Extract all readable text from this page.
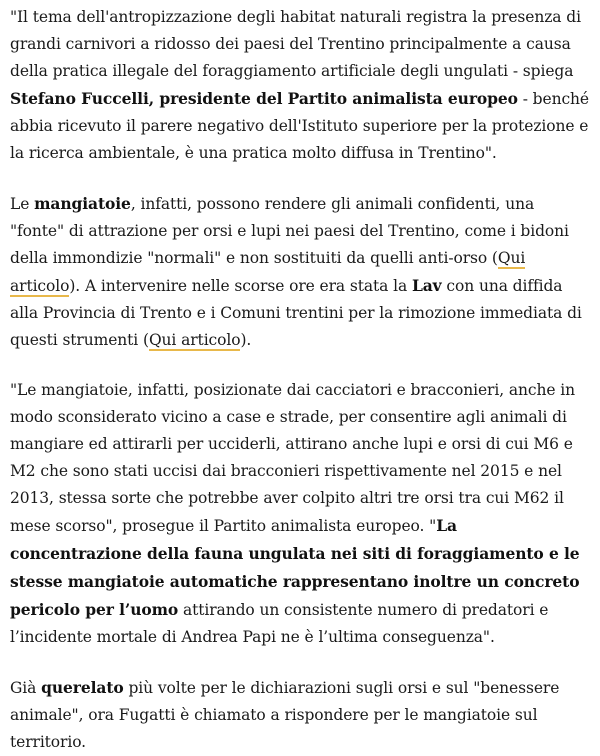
"Il tema dell'antropizzazione degli habitat naturali registra la presenza di grandi carnivori a ridosso dei paesi del Trentino principalmente a causa della pratica illegale del foraggiamento artificiale degli ungulati - spiega Stefano Fuccelli, presidente del Partito animalista europeo - benché abbia ricevuto il parere negativo dell'Istituto superiore per la protezione e la ricerca ambientale, è una pratica molto diffusa in Trentino".

Le mangiatoie, infatti, possono rendere gli animali confidenti, una "fonte" di attrazione per orsi e lupi nei paesi del Trentino, come i bidoni della immondizie "normali" e non sostituiti da quelli anti-orso (Qui articolo). A intervenire nelle scorse ore era stata la Lav con una diffida alla Provincia di Trento e i Comuni trentini per la rimozione immediata di questi strumenti (Qui articolo).

"Le mangiatoie, infatti, posizionate dai cacciatori e bracconieri, anche in modo sconsiderato vicino a case e strade, per consentire agli animali di mangiare ed attirarli per ucciderli, attirano anche lupi e orsi di cui M6 e M2 che sono stati uccisi dai bracconieri rispettivamente nel 2015 e nel 2013, stessa sorte che potrebbe aver colpito altri tre orsi tra cui M62 il mese scorso", prosegue il Partito animalista europeo. "La concentrazione della fauna ungulata nei siti di foraggiamento e le stesse mangiatoie automatiche rappresentano inoltre un concreto pericolo per l’uomo attirando un consistente numero di predatori e l’incidente mortale di Andrea Papi ne è l’ultima conseguenza".

Già querelato più volte per le dichiarazioni sugli orsi e sul "benessere animale", ora Fugatti è chiamato a rispondere per le mangiatoie sul territorio.
